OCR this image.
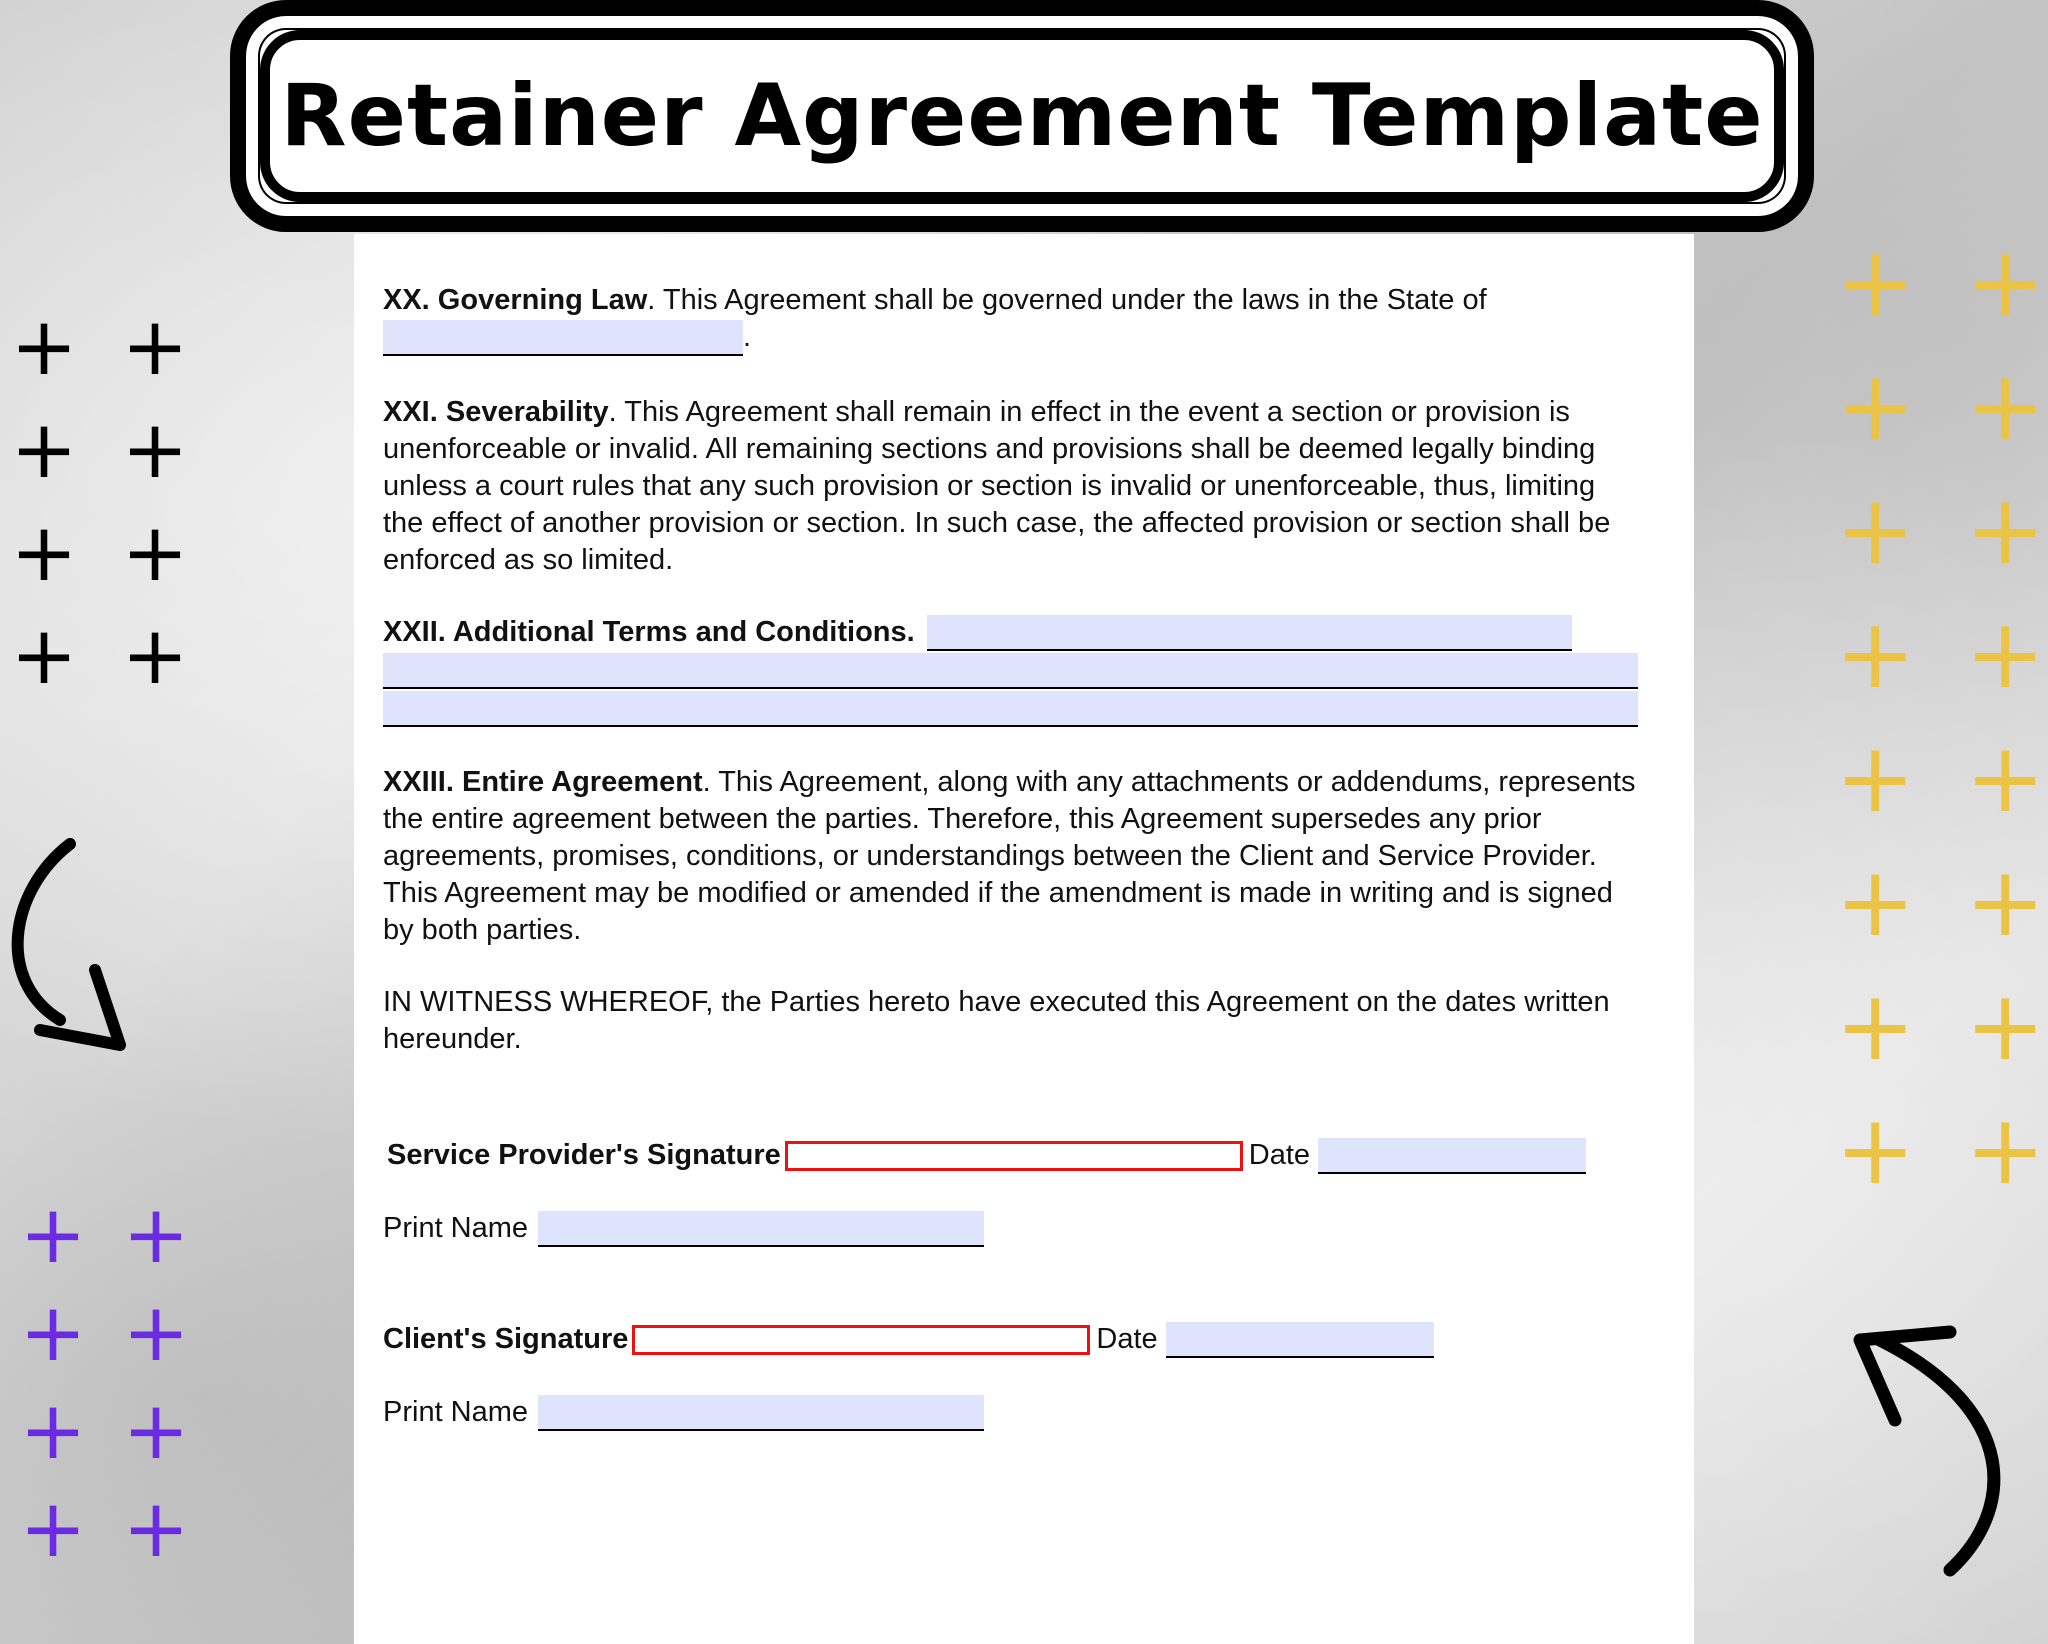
Retainer Agreement Template

XX. Governing Law. This Agreement shall be governed under the laws in the State of
.

XXI. Severability. This Agreement shall remain in effect in the event a section or provision is unenforceable or invalid. All remaining sections and provisions shall be deemed legally binding unless a court rules that any such provision or section is invalid or unenforceable, thus, limiting the effect of another provision or section. In such case, the affected provision or section shall be enforced as so limited.

XXII. Additional Terms and Conditions.

XXIII. Entire Agreement. This Agreement, along with any attachments or addendums, represents the entire agreement between the parties. Therefore, this Agreement supersedes any prior agreements, promises, conditions, or understandings between the Client and Service Provider. This Agreement may be modified or amended if the amendment is made in writing and is signed by both parties.

IN WITNESS WHEREOF, the Parties hereto have executed this Agreement on the dates written hereunder.

Service Provider's Signature	Date
Print Name
Client's Signature	Date
Print Name
+ +
+ +
+ +
+ +
+ +
+ +
+ +
+ +
+ +
+ +
+ +
+ +
+ +
+ +
+ +
+ +
